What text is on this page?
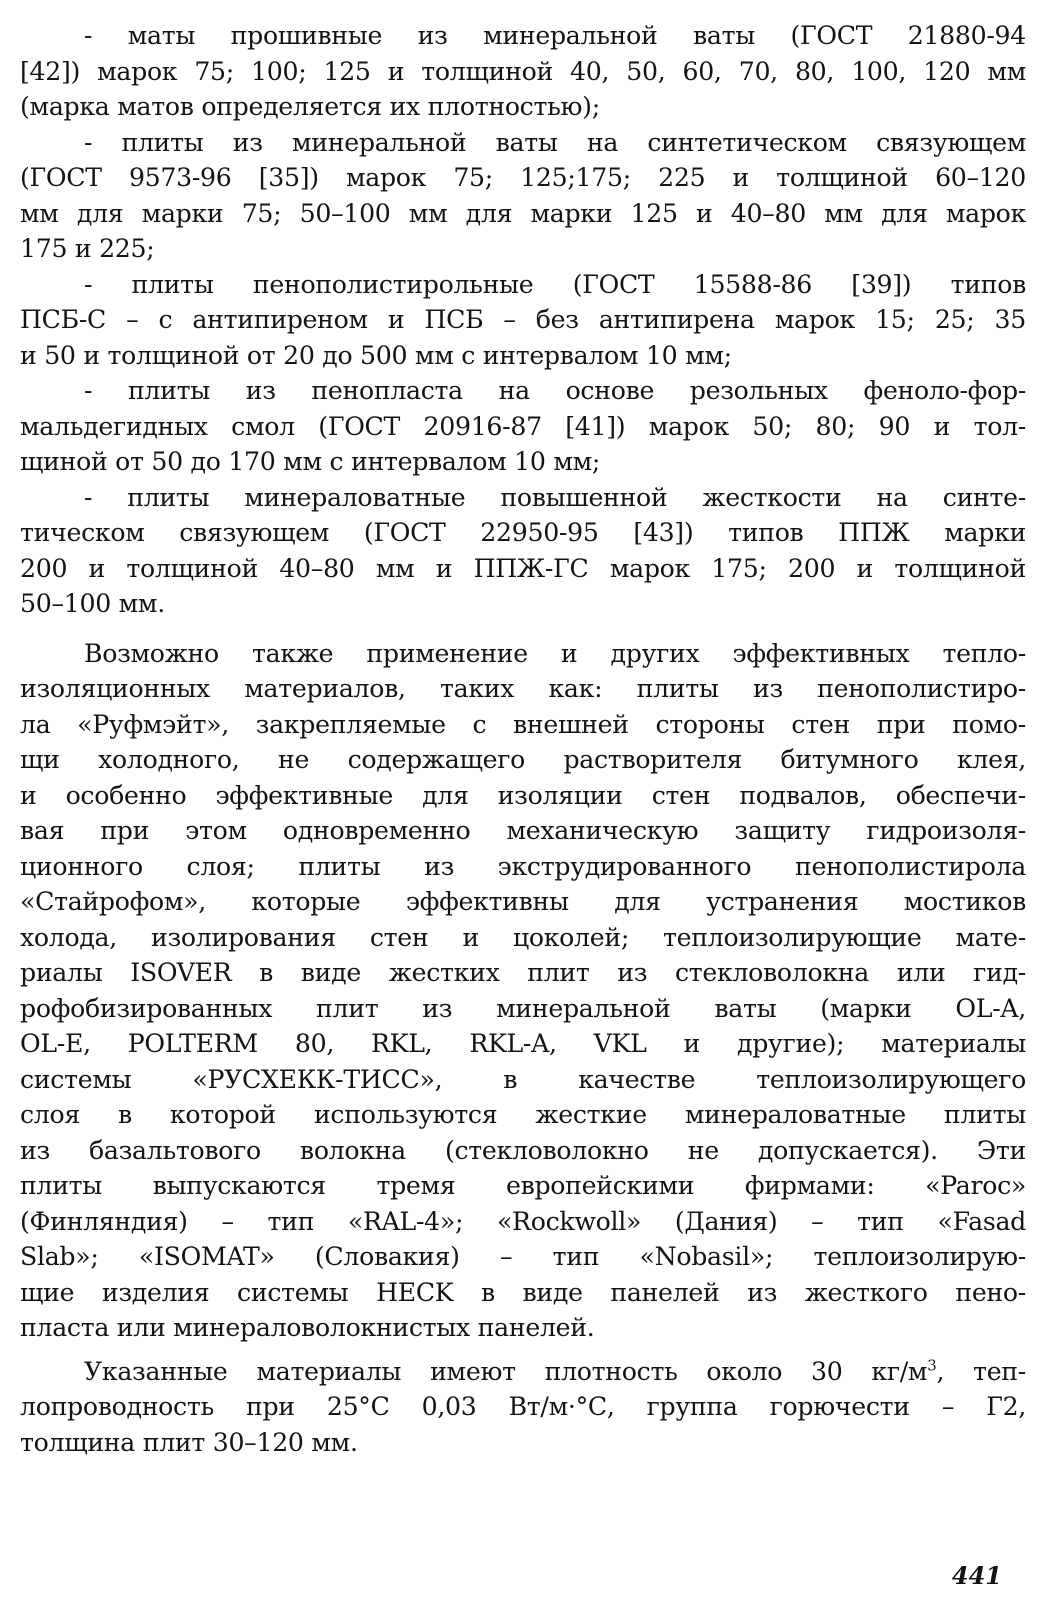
- маты прошивные из минеральной ваты (ГОСТ 21880-94
[42]) марок 75; 100; 125 и толщиной 40, 50, 60, 70, 80, 100, 120 мм
(марка матов определяется их плотностью);
- плиты из минеральной ваты на синтетическом связующем
(ГОСТ 9573-96 [35]) марок 75; 125;175; 225 и толщиной 60–120
мм для марки 75; 50–100 мм для марки 125 и 40–80 мм для марок
175 и 225;
- плиты пенополистирольные (ГОСТ 15588-86 [39]) типов
ПСБ-С – с антипиреном и ПСБ – без антипирена марок 15; 25; 35
и 50 и толщиной от 20 до 500 мм с интервалом 10 мм;
- плиты из пенопласта на основе резольных феноло-фор-
мальдегидных смол (ГОСТ 20916-87 [41]) марок 50; 80; 90 и тол-
щиной от 50 до 170 мм с интервалом 10 мм;
- плиты минераловатные повышенной жесткости на синте-
тическом связующем (ГОСТ 22950-95 [43]) типов ППЖ марки
200 и толщиной 40–80 мм и ППЖ-ГС марок 175; 200 и толщиной
50–100 мм.
Возможно также применение и других эффективных тепло-
изоляционных материалов, таких как: плиты из пенополистиро-
ла «Руфмэйт», закрепляемые с внешней стороны стен при помо-
щи холодного, не содержащего растворителя битумного клея,
и особенно эффективные для изоляции стен подвалов, обеспечи-
вая при этом одновременно механическую защиту гидроизоля-
ционного слоя; плиты из экструдированного пенополистирола
«Стайрофом», которые эффективны для устранения мостиков
холода, изолирования стен и цоколей; теплоизолирующие мате-
риалы ISOVER в виде жестких плит из стекловолокна или гид-
рофобизированных плит из минеральной ваты (марки OL-A,
OL-E, POLTERM 80, RKL, RKL-A, VKL и другие); материалы
системы «РУСХЕКК-ТИСС», в качестве теплоизолирующего
слоя в которой используются жесткие минераловатные плиты
из базальтового волокна (стекловолокно не допускается). Эти
плиты выпускаются тремя европейскими фирмами: «Parос»
(Финляндия) – тип «RAL-4»; «Rockwoll» (Дания) – тип «Fasad
Slab»; «ISOMAT» (Словакия) – тип «Nobasil»; теплоизолирую-
щие изделия системы HECK в виде панелей из жесткого пено-
пласта или минераловолокнистых панелей.
Указанные материалы имеют плотность около 30 $кг/м^3$, теп-
лопроводность при 25°С 0,03 Вт/м·°С, группа горючести – Г2,
толщина плит 30–120 мм.
441
